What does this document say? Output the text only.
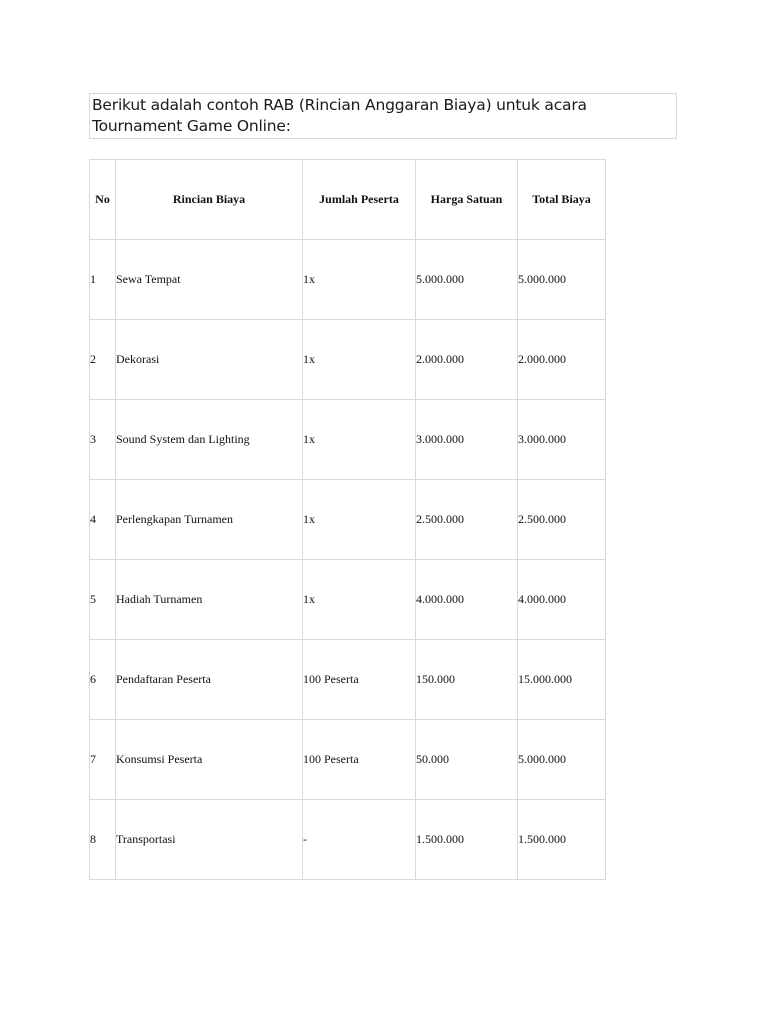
Berikut adalah contoh RAB (Rincian Anggaran Biaya) untuk acara Tournament Game Online:
No	Rincian Biaya	Jumlah Peserta	Harga Satuan	Total Biaya
1	Sewa Tempat	1x	5.000.000	5.000.000
2	Dekorasi	1x	2.000.000	2.000.000
3	Sound System dan Lighting	1x	3.000.000	3.000.000
4	Perlengkapan Turnamen	1x	2.500.000	2.500.000
5	Hadiah Turnamen	1x	4.000.000	4.000.000
6	Pendaftaran Peserta	100 Peserta	150.000	15.000.000
7	Konsumsi Peserta	100 Peserta	50.000	5.000.000
8	Transportasi	-	1.500.000	1.500.000
